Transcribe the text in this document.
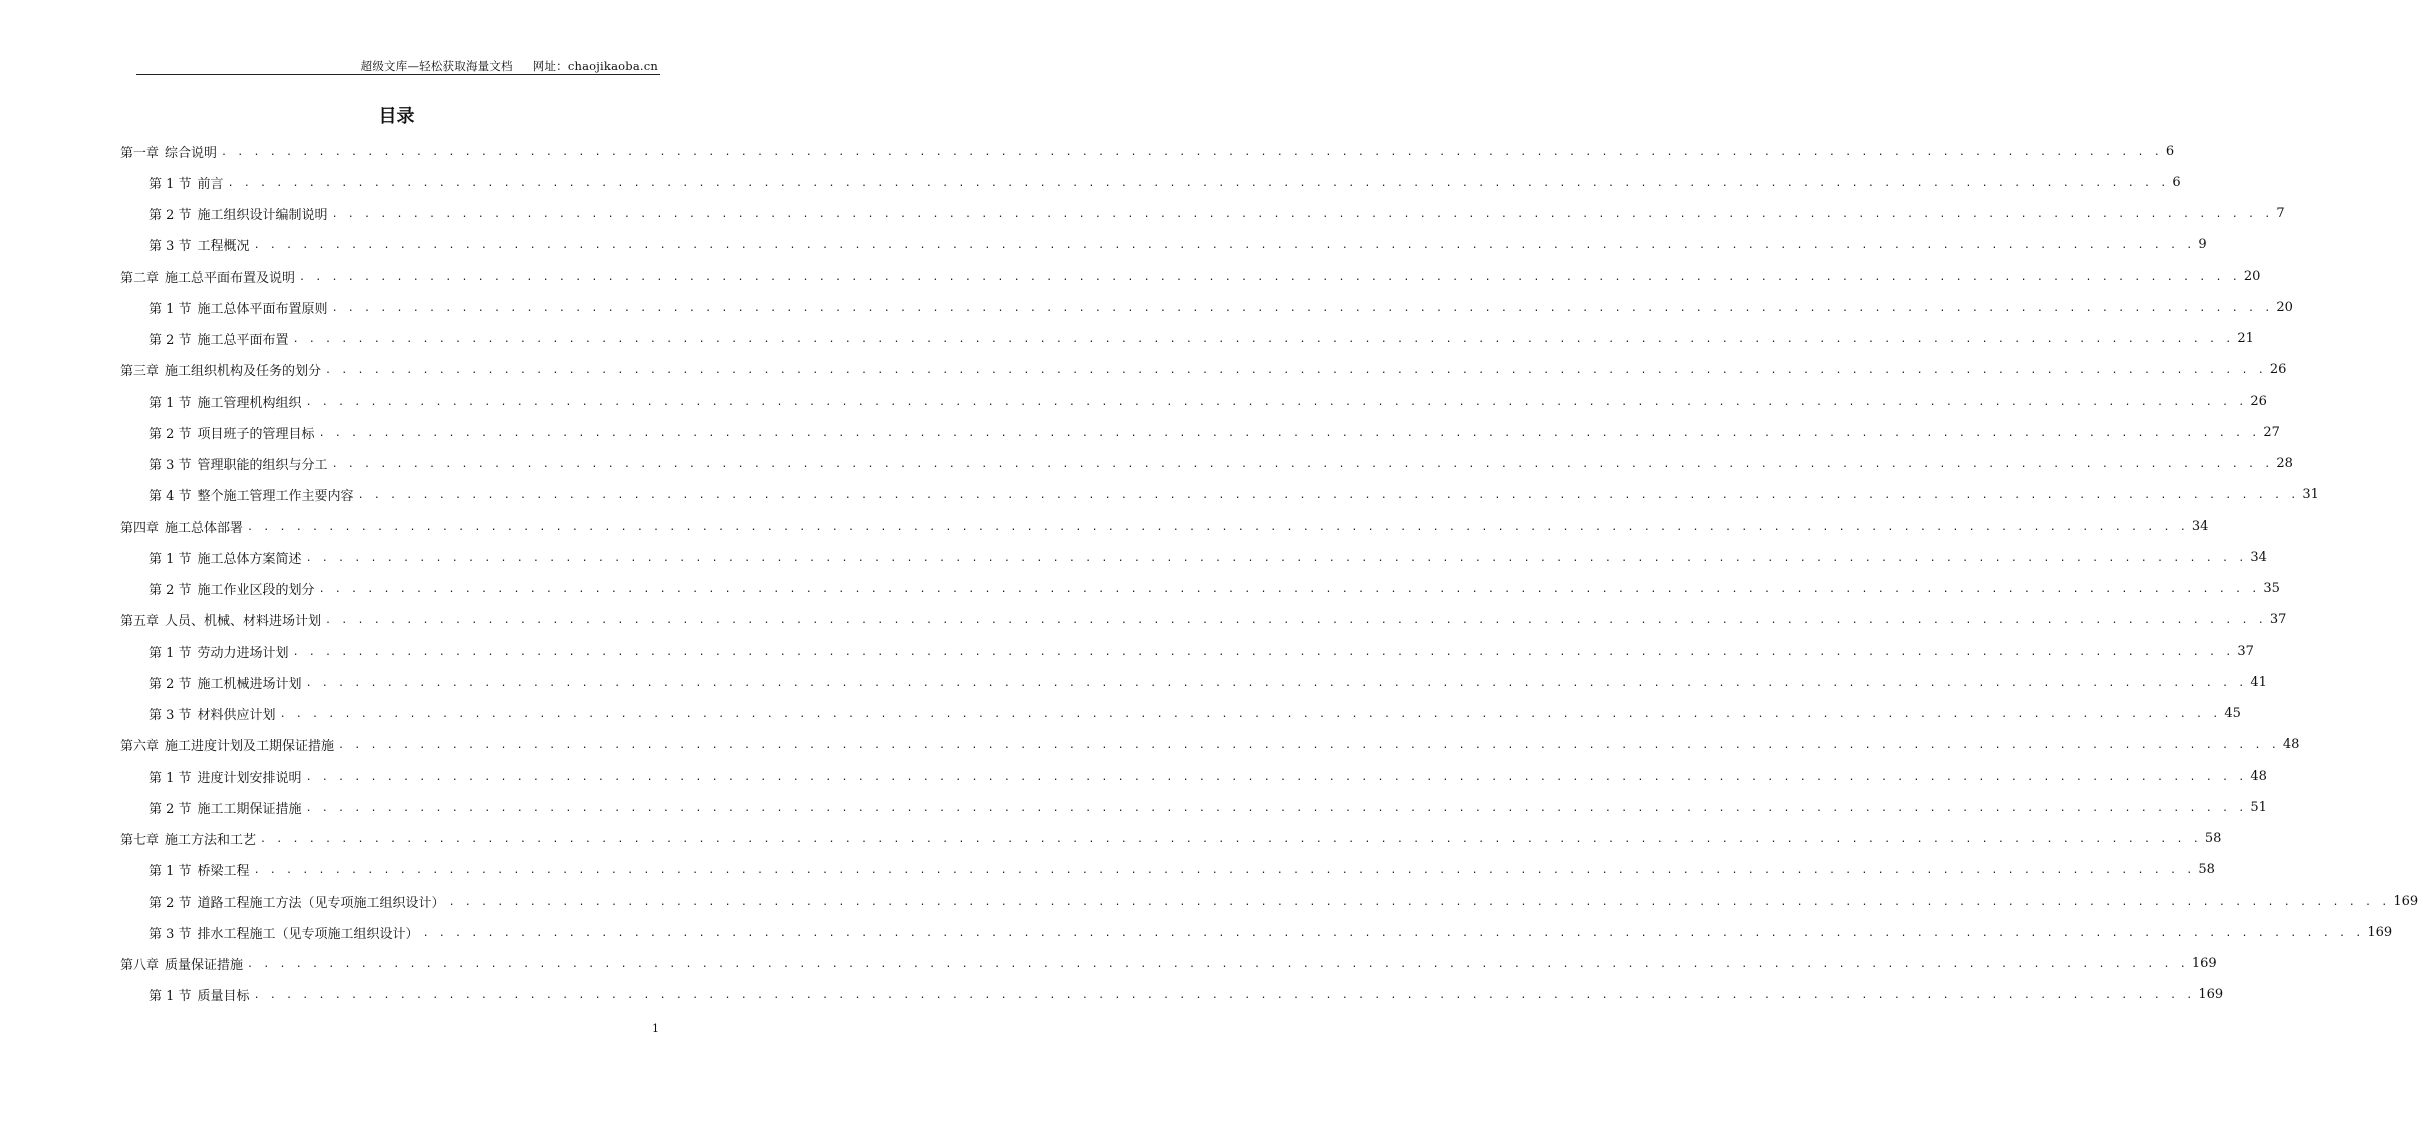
超级文库—轻松获取海量文档 网址：chaojikaoba.cn
目录
第一章 综合说明 . . . . . . . . . . . . . . . . . . . . . . . . . . . . . . . . . . . . . . . . . . . . . . . . . . . . . . . . . . . . . . . . . . . . . . . . . . . . . . . . . . . . . . . . . . . . . . . . . . . . . . . . . . . . . . . . . . . . . . . . 6
第 1 节 前言 . . . . . . . . . . . . . . . . . . . . . . . . . . . . . . . . . . . . . . . . . . . . . . . . . . . . . . . . . . . . . . . . . . . . . . . . . . . . . . . . . . . . . . . . . . . . . . . . . . . . . . . . . . . . . . . . . . . . . . . . 6
第 2 节 施工组织设计编制说明 . . . . . . . . . . . . . . . . . . . . . . . . . . . . . . . . . . . . . . . . . . . . . . . . . . . . . . . . . . . . . . . . . . . . . . . . . . . . . . . . . . . . . . . . . . . . . . . . . . . . . . . . . . . . . . . . . . . . . . . . 7
第 3 节 工程概况 . . . . . . . . . . . . . . . . . . . . . . . . . . . . . . . . . . . . . . . . . . . . . . . . . . . . . . . . . . . . . . . . . . . . . . . . . . . . . . . . . . . . . . . . . . . . . . . . . . . . . . . . . . . . . . . . . . . . . . . . 9
第二章 施工总平面布置及说明 . . . . . . . . . . . . . . . . . . . . . . . . . . . . . . . . . . . . . . . . . . . . . . . . . . . . . . . . . . . . . . . . . . . . . . . . . . . . . . . . . . . . . . . . . . . . . . . . . . . . . . . . . . . . . . . . . . . . . . . . 20
第 1 节 施工总体平面布置原则 . . . . . . . . . . . . . . . . . . . . . . . . . . . . . . . . . . . . . . . . . . . . . . . . . . . . . . . . . . . . . . . . . . . . . . . . . . . . . . . . . . . . . . . . . . . . . . . . . . . . . . . . . . . . . . . . . . . . . . . . 20
第 2 节 施工总平面布置 . . . . . . . . . . . . . . . . . . . . . . . . . . . . . . . . . . . . . . . . . . . . . . . . . . . . . . . . . . . . . . . . . . . . . . . . . . . . . . . . . . . . . . . . . . . . . . . . . . . . . . . . . . . . . . . . . . . . . . . . 21
第三章 施工组织机构及任务的划分 . . . . . . . . . . . . . . . . . . . . . . . . . . . . . . . . . . . . . . . . . . . . . . . . . . . . . . . . . . . . . . . . . . . . . . . . . . . . . . . . . . . . . . . . . . . . . . . . . . . . . . . . . . . . . . . . . . . . . . . . 26
第 1 节 施工管理机构组织 . . . . . . . . . . . . . . . . . . . . . . . . . . . . . . . . . . . . . . . . . . . . . . . . . . . . . . . . . . . . . . . . . . . . . . . . . . . . . . . . . . . . . . . . . . . . . . . . . . . . . . . . . . . . . . . . . . . . . . . . 26
第 2 节 项目班子的管理目标 . . . . . . . . . . . . . . . . . . . . . . . . . . . . . . . . . . . . . . . . . . . . . . . . . . . . . . . . . . . . . . . . . . . . . . . . . . . . . . . . . . . . . . . . . . . . . . . . . . . . . . . . . . . . . . . . . . . . . . . . 27
第 3 节 管理职能的组织与分工 . . . . . . . . . . . . . . . . . . . . . . . . . . . . . . . . . . . . . . . . . . . . . . . . . . . . . . . . . . . . . . . . . . . . . . . . . . . . . . . . . . . . . . . . . . . . . . . . . . . . . . . . . . . . . . . . . . . . . . . . 28
第 4 节 整个施工管理工作主要内容 . . . . . . . . . . . . . . . . . . . . . . . . . . . . . . . . . . . . . . . . . . . . . . . . . . . . . . . . . . . . . . . . . . . . . . . . . . . . . . . . . . . . . . . . . . . . . . . . . . . . . . . . . . . . . . . . . . . . . . . . 31
第四章 施工总体部署 . . . . . . . . . . . . . . . . . . . . . . . . . . . . . . . . . . . . . . . . . . . . . . . . . . . . . . . . . . . . . . . . . . . . . . . . . . . . . . . . . . . . . . . . . . . . . . . . . . . . . . . . . . . . . . . . . . . . . . . . 34
第 1 节 施工总体方案简述 . . . . . . . . . . . . . . . . . . . . . . . . . . . . . . . . . . . . . . . . . . . . . . . . . . . . . . . . . . . . . . . . . . . . . . . . . . . . . . . . . . . . . . . . . . . . . . . . . . . . . . . . . . . . . . . . . . . . . . . . 34
第 2 节 施工作业区段的划分 . . . . . . . . . . . . . . . . . . . . . . . . . . . . . . . . . . . . . . . . . . . . . . . . . . . . . . . . . . . . . . . . . . . . . . . . . . . . . . . . . . . . . . . . . . . . . . . . . . . . . . . . . . . . . . . . . . . . . . . . 35
第五章 人员、机械、材料进场计划 . . . . . . . . . . . . . . . . . . . . . . . . . . . . . . . . . . . . . . . . . . . . . . . . . . . . . . . . . . . . . . . . . . . . . . . . . . . . . . . . . . . . . . . . . . . . . . . . . . . . . . . . . . . . . . . . . . . . . . . . 37
第 1 节 劳动力进场计划 . . . . . . . . . . . . . . . . . . . . . . . . . . . . . . . . . . . . . . . . . . . . . . . . . . . . . . . . . . . . . . . . . . . . . . . . . . . . . . . . . . . . . . . . . . . . . . . . . . . . . . . . . . . . . . . . . . . . . . . . 37
第 2 节 施工机械进场计划 . . . . . . . . . . . . . . . . . . . . . . . . . . . . . . . . . . . . . . . . . . . . . . . . . . . . . . . . . . . . . . . . . . . . . . . . . . . . . . . . . . . . . . . . . . . . . . . . . . . . . . . . . . . . . . . . . . . . . . . . 41
第 3 节 材料供应计划 . . . . . . . . . . . . . . . . . . . . . . . . . . . . . . . . . . . . . . . . . . . . . . . . . . . . . . . . . . . . . . . . . . . . . . . . . . . . . . . . . . . . . . . . . . . . . . . . . . . . . . . . . . . . . . . . . . . . . . . . 45
第六章 施工进度计划及工期保证措施 . . . . . . . . . . . . . . . . . . . . . . . . . . . . . . . . . . . . . . . . . . . . . . . . . . . . . . . . . . . . . . . . . . . . . . . . . . . . . . . . . . . . . . . . . . . . . . . . . . . . . . . . . . . . . . . . . . . . . . . . 48
第 1 节 进度计划安排说明 . . . . . . . . . . . . . . . . . . . . . . . . . . . . . . . . . . . . . . . . . . . . . . . . . . . . . . . . . . . . . . . . . . . . . . . . . . . . . . . . . . . . . . . . . . . . . . . . . . . . . . . . . . . . . . . . . . . . . . . . 48
第 2 节 施工工期保证措施 . . . . . . . . . . . . . . . . . . . . . . . . . . . . . . . . . . . . . . . . . . . . . . . . . . . . . . . . . . . . . . . . . . . . . . . . . . . . . . . . . . . . . . . . . . . . . . . . . . . . . . . . . . . . . . . . . . . . . . . . 51
第七章 施工方法和工艺 . . . . . . . . . . . . . . . . . . . . . . . . . . . . . . . . . . . . . . . . . . . . . . . . . . . . . . . . . . . . . . . . . . . . . . . . . . . . . . . . . . . . . . . . . . . . . . . . . . . . . . . . . . . . . . . . . . . . . . . . 58
第 1 节 桥梁工程 . . . . . . . . . . . . . . . . . . . . . . . . . . . . . . . . . . . . . . . . . . . . . . . . . . . . . . . . . . . . . . . . . . . . . . . . . . . . . . . . . . . . . . . . . . . . . . . . . . . . . . . . . . . . . . . . . . . . . . . . 58
第 2 节 道路工程施工方法（见专项施工组织设计） . . . . . . . . . . . . . . . . . . . . . . . . . . . . . . . . . . . . . . . . . . . . . . . . . . . . . . . . . . . . . . . . . . . . . . . . . . . . . . . . . . . . . . . . . . . . . . . . . . . . . . . . . . . . . . . . . . . . . . . . 169
第 3 节 排水工程施工（见专项施工组织设计） . . . . . . . . . . . . . . . . . . . . . . . . . . . . . . . . . . . . . . . . . . . . . . . . . . . . . . . . . . . . . . . . . . . . . . . . . . . . . . . . . . . . . . . . . . . . . . . . . . . . . . . . . . . . . . . . . . . . . . . . 169
第八章 质量保证措施 . . . . . . . . . . . . . . . . . . . . . . . . . . . . . . . . . . . . . . . . . . . . . . . . . . . . . . . . . . . . . . . . . . . . . . . . . . . . . . . . . . . . . . . . . . . . . . . . . . . . . . . . . . . . . . . . . . . . . . . . 169
第 1 节 质量目标 . . . . . . . . . . . . . . . . . . . . . . . . . . . . . . . . . . . . . . . . . . . . . . . . . . . . . . . . . . . . . . . . . . . . . . . . . . . . . . . . . . . . . . . . . . . . . . . . . . . . . . . . . . . . . . . . . . . . . . . . 169
1
